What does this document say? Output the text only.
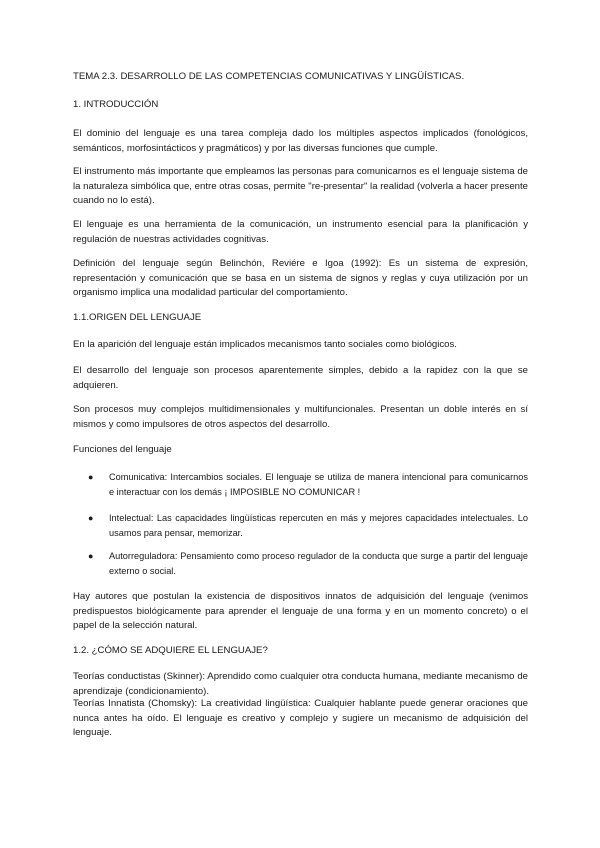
TEMA 2.3. DESARROLLO DE LAS COMPETENCIAS COMUNICATIVAS Y LINGÜÍSTICAS.

1. INTRODUCCIÓN

El dominio del lenguaje es una tarea compleja dado los múltiples aspectos implicados (fonológicos, semánticos, morfosintácticos y pragmáticos) y por las diversas funciones que cumple.

El instrumento más importante que empleamos las personas para comunicarnos es el lenguaje sistema de la naturaleza simbólica que, entre otras cosas, permite "re-presentar" la realidad (volverla a hacer presente cuando no lo está).

El lenguaje es una herramienta de la comunicación, un instrumento esencial para la planificación y regulación de nuestras actividades cognitivas.

Definición del lenguaje según Belinchón, Reviére e Igoa (1992): Es un sistema de expresión, representación y comunicación que se basa en un sistema de signos y reglas y cuya utilización por un organismo implica una modalidad particular del comportamiento.

1.1.ORIGEN DEL LENGUAJE

En la aparición del lenguaje están implicados mecanismos tanto sociales como biológicos.

El desarrollo del lenguaje son procesos aparentemente simples, debido a la rapidez con la que se adquieren.

Son procesos muy complejos multidimensionales y multifuncionales. Presentan un doble interés en sí mismos y como impulsores de otros aspectos del desarrollo.

Funciones del lenguaje

● Comunicativa: Intercambios sociales. El lenguaje se utiliza de manera intencional para comunicarnos e interactuar con los demás ¡ IMPOSIBLE NO COMUNICAR !

● Intelectual: Las capacidades lingüísticas repercuten en más y mejores capacidades intelectuales. Lo usamos para pensar, memorizar.

● Autorreguladora: Pensamiento como proceso regulador de la conducta que surge a partir del lenguaje externo o social.

Hay autores que postulan la existencia de dispositivos innatos de adquisición del lenguaje (venimos predispuestos biológicamente para aprender el lenguaje de una forma y en un momento concreto) o el papel de la selección natural.

1.2. ¿CÓMO SE ADQUIERE EL LENGUAJE?

Teorías conductistas (Skinner): Aprendido como cualquier otra conducta humana, mediante mecanismo de aprendizaje (condicionamiento).

Teorías Innatista (Chomsky): La creatividad lingüística: Cualquier hablante puede generar oraciones que nunca antes ha oído. El lenguaje es creativo y complejo y sugiere un mecanismo de adquisición del lenguaje.
